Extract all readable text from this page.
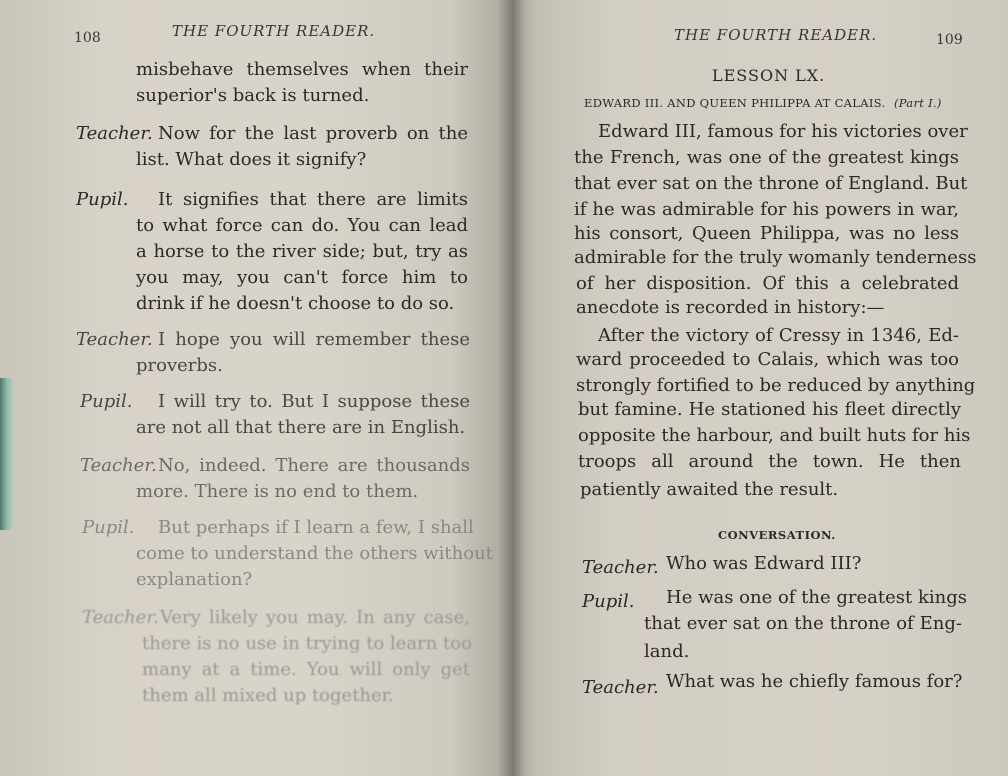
108	THE FOURTH READER.
misbehave themselves when their
superior's back is turned.
Teacher. Now for the last proverb on the
list. What does it signify?
Pupil. It signifies that there are limits
to what force can do. You can lead
a horse to the river side; but, try as
you may, you can't force him to
drink if he doesn't choose to do so.
Teacher. I hope you will remember these
proverbs.
Pupil. I will try to. But I suppose these
are not all that there are in English.
Teacher. No, indeed. There are thousands
more. There is no end to them.
Pupil. But perhaps if I learn a few, I shall
come to understand the others without
explanation?
Teacher. Very likely you may. In any case,
there is no use in trying to learn too
many at a time. You will only get
them all mixed up together.
THE FOURTH READER.	109
LESSON LX.
EDWARD III. AND QUEEN PHILIPPA AT CALAIS. (Part I.)
Edward III, famous for his victories over
the French, was one of the greatest kings
that ever sat on the throne of England. But
if he was admirable for his powers in war,
his consort, Queen Philippa, was no less
admirable for the truly womanly tenderness
of her disposition. Of this a celebrated
anecdote is recorded in history:—
After the victory of Cressy in 1346, Ed-
ward proceeded to Calais, which was too
strongly fortified to be reduced by anything
but famine. He stationed his fleet directly
opposite the harbour, and built huts for his
troops all around the town. He then
patiently awaited the result.
CONVERSATION.
Teacher. Who was Edward III?
Pupil. He was one of the greatest kings
that ever sat on the throne of Eng-
land.
Teacher. What was he chiefly famous for?
